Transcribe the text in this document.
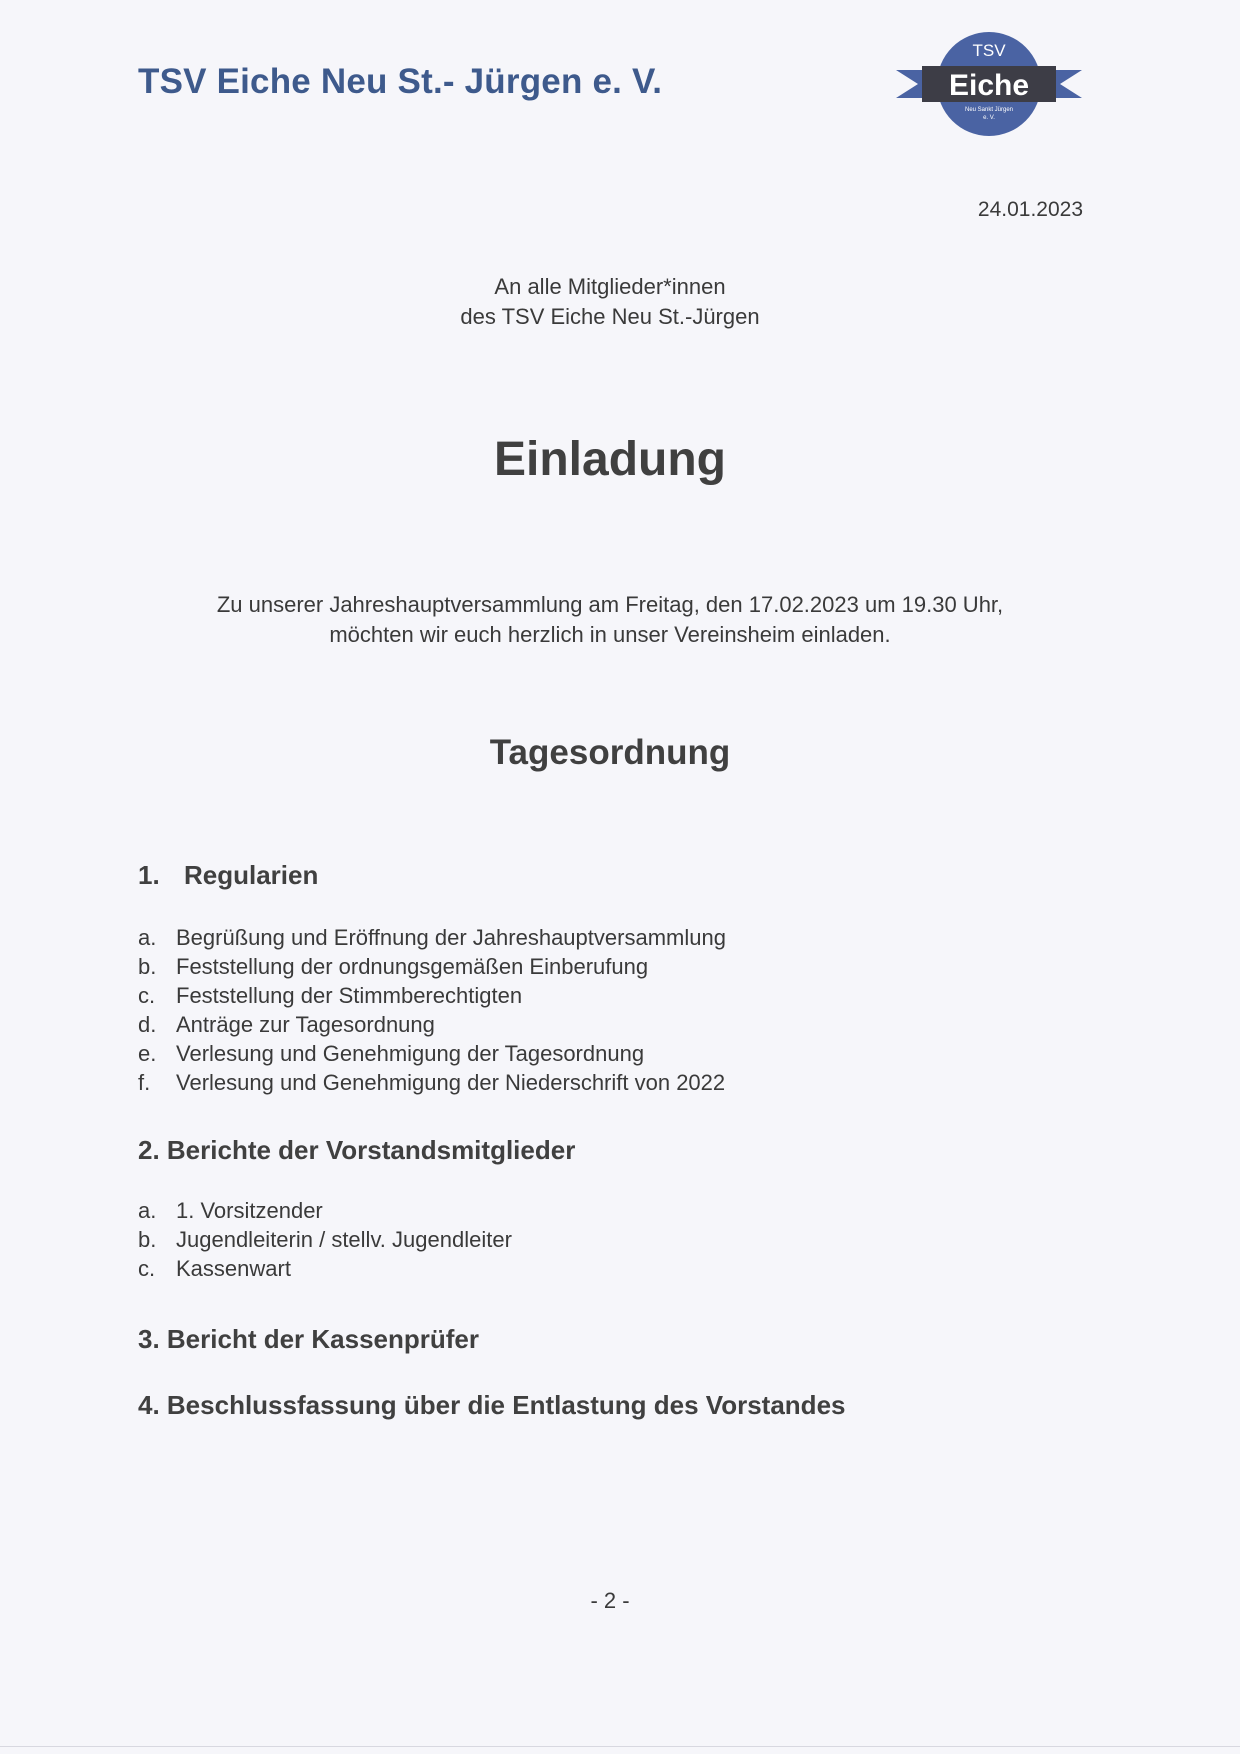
TSV Eiche Neu St.- Jürgen e. V.
TSV
Eiche
Neu Sankt Jürgen
e. V.
24.01.2023
An alle Mitglieder*innen
des TSV Eiche Neu St.-Jürgen
Einladung
Zu unserer Jahreshauptversammlung am Freitag, den 17.02.2023 um 19.30 Uhr,
möchten wir euch herzlich in unser Vereinsheim einladen.
Tagesordnung
1. Regularien
a. Begrüßung und Eröffnung der Jahreshauptversammlung
b. Feststellung der ordnungsgemäßen Einberufung
c. Feststellung der Stimmberechtigten
d. Anträge zur Tagesordnung
e. Verlesung und Genehmigung der Tagesordnung
f.	Verlesung und Genehmigung der Niederschrift von 2022
2. Berichte der Vorstandsmitglieder
a. 1. Vorsitzender
b. Jugendleiterin / stellv. Jugendleiter
c. Kassenwart
3. Bericht der Kassenprüfer
4. Beschlussfassung über die Entlastung des Vorstandes
- 2 -
